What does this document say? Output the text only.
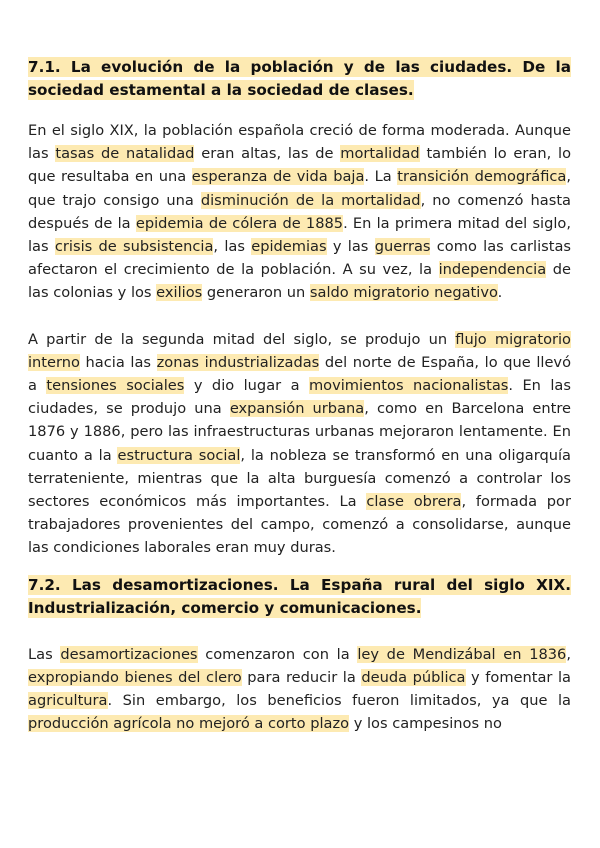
7.1. La evolución de la población y de las ciudades. De la sociedad estamental a la sociedad de clases.

En el siglo XIX, la población española creció de forma moderada. Aunque las tasas de natalidad eran altas, las de mortalidad también lo eran, lo que resultaba en una esperanza de vida baja. La transición demográfica, que trajo consigo una disminución de la mortalidad, no comenzó hasta después de la epidemia de cólera de 1885. En la primera mitad del siglo, las crisis de subsistencia, las epidemias y las guerras como las carlistas afectaron el crecimiento de la población. A su vez, la independencia de las colonias y los exilios generaron un saldo migratorio negativo.

A partir de la segunda mitad del siglo, se produjo un flujo migratorio interno hacia las zonas industrializadas del norte de España, lo que llevó a tensiones sociales y dio lugar a movimientos nacionalistas. En las ciudades, se produjo una expansión urbana, como en Barcelona entre 1876 y 1886, pero las infraestructuras urbanas mejoraron lentamente. En cuanto a la estructura social, la nobleza se transformó en una oligarquía terrateniente, mientras que la alta burguesía comenzó a controlar los sectores económicos más importantes. La clase obrera, formada por trabajadores provenientes del campo, comenzó a consolidarse, aunque las condiciones laborales eran muy duras.

7.2. Las desamortizaciones. La España rural del siglo XIX. Industrialización, comercio y comunicaciones.

Las desamortizaciones comenzaron con la ley de Mendizábal en 1836, expropiando bienes del clero para reducir la deuda pública y fomentar la agricultura. Sin embargo, los beneficios fueron limitados, ya que la producción agrícola no mejoró a corto plazo y los campesinos no
